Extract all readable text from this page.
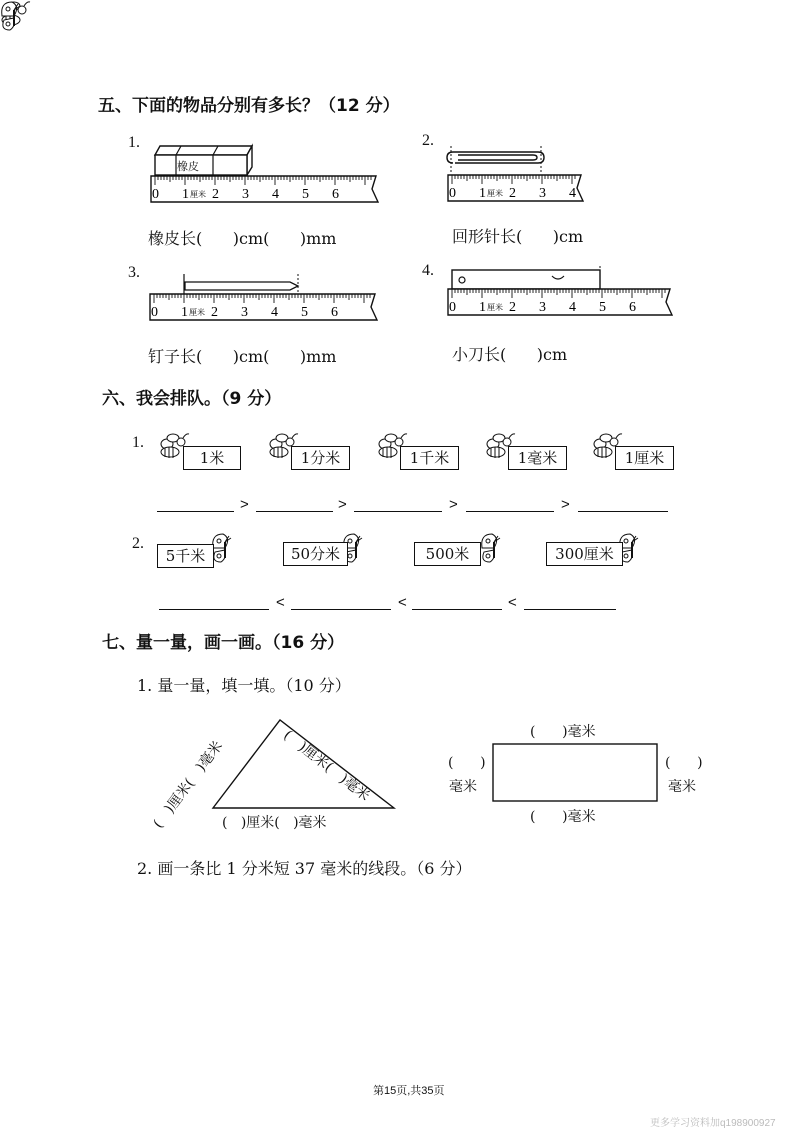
五、下面的物品分别有多长？（12 分）
0 1 厘米 2 3 4 5 6	0 1 厘米 2 3 4
0 1 厘米 2 3 4 5 6	0 1 厘米 2 3 4 5 6
1.
橡皮
2.
3.	4.
橡皮长(      )cm(      )mm	回形针长(      )cm
钉子长(      )cm(      )mm	小刀长(      )cm
六、我会排队。（9 分）
1.
2.
1米	1分米	1千米	1毫米	1厘米
>	>	>	>
5千米	50分米	500米	300厘米
<	<	<
七、量一量，画一画。（16 分）
1. 量一量，填一填。（10 分）
(   )厘米(   )毫米	(   )厘米(   )毫米
(   )厘米(   )毫米
(      )毫米
(      )毫米
(      )
毫米
(      )
毫米
2. 画一条比 1 分米短 37 毫米的线段。（6 分）
第15页,共35页
更多学习资料加q198900927
